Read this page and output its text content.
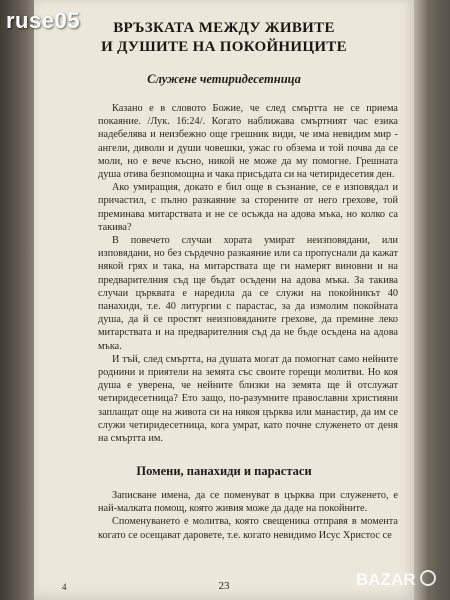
ruse05	ВРЪЗКАТА МЕЖДУ ЖИВИТЕ
И ДУШИТЕ НА ПОКОЙНИЦИТЕ
Служене четиридесетница

Казано е в словото Божие, че след смъртта не се приема покаяние. /Лук. 16:24/. Когато наближава смъртният час езика надебелява и неизбежно още грешник види, че има невидим мир - ангели, диволи и души човешки, ужас го обзема и той почва да се моли, но е вече късно, никой не може да му помогне. Грешната душа отива безпомощна и чака присъдата си на четиридесетия ден.

Ако умиращия, докато е бил още в съзнание, се е изповядал и причастил, с пълно разкаяние за сторените от него грехове, той преминава митарствата и не се осъжда на адова мъка, но колко са такива?

В повечето случаи хората умират неизповядани, или изповядани, но без сърдечно разкаяние или са пропуснали да кажат някой грях и така, на митарствата ще ги намерят виновни и на предварителния съд ще бъдат осъдени на адова мъка. За такива случаи църквата е наредила да се служи на покойникът 40 панахиди, т.е. 40 литургии с парастас, за да измолим покойната душа, да й се простят неизповяданите грехове, да премине леко митарствата и на предварителния съд да не бъде осъдена на адова мъка.

И тъй, след смъртта, на душата могат да помогнат само нейните роднини и приятели на земята със своите горещи молитви. Но коя душа е уверена, че нейните близки на земята ще й отслужат четиридесетница? Ето защо, по-разумните православни християни заплащат още на живота си на някоя църква или манастир, да им се служи четиридесетница, кога умрат, като почне служенето от деня на смъртта им.

Помени, панахиди и парастаси

Записване имена, да се поменуват в църква при служенето, е най-малката помощ, която живия може да даде на покойните.

Споменуването е молитва, която свещеника отправя в момента когато се осещават даровете, т.е. когато невидимо Исус Христос се

4	23	BAZAR
